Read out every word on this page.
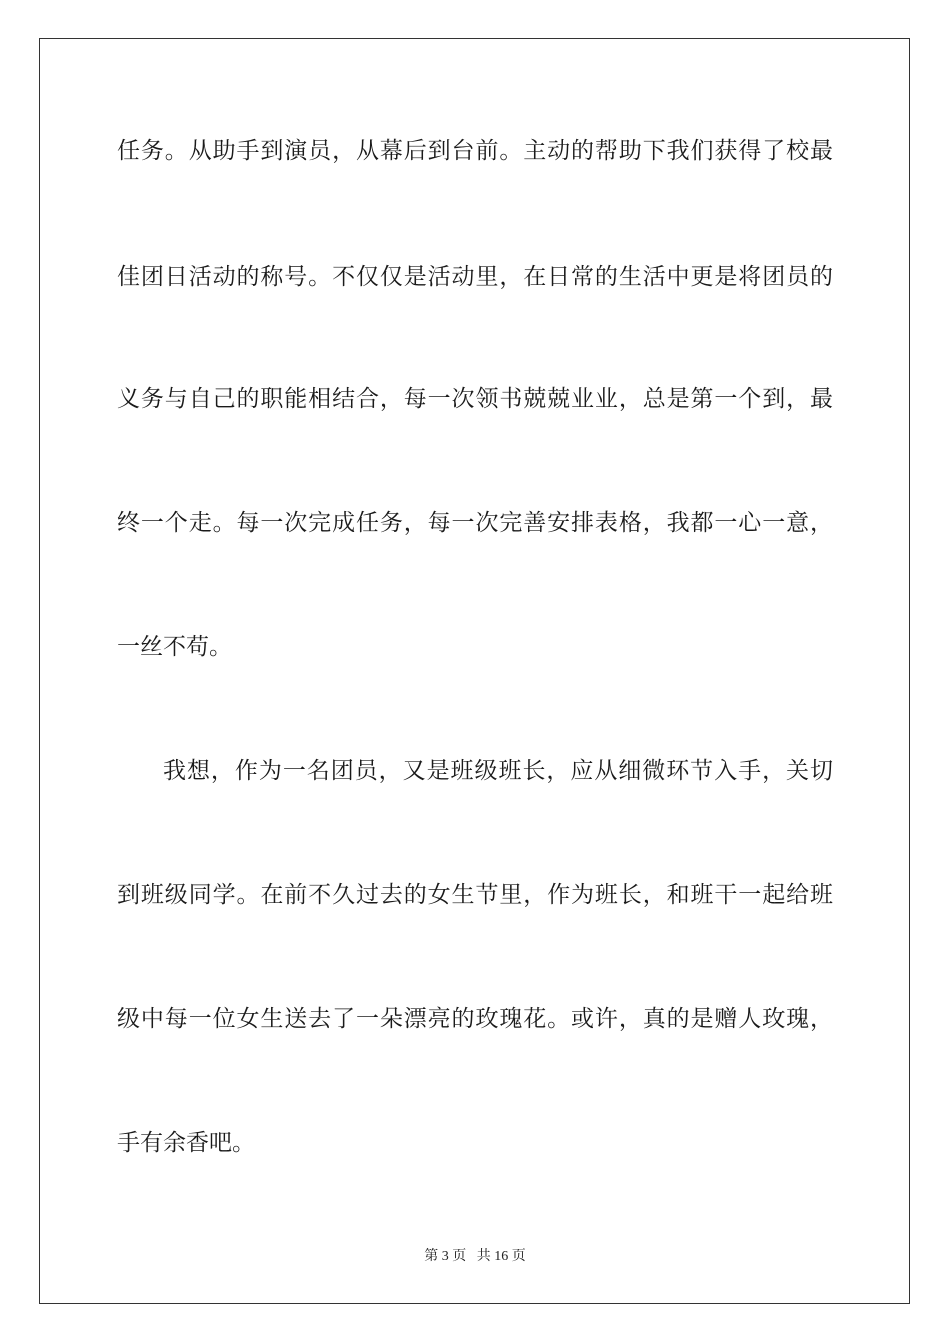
任务。从助手到演员，从幕后到台前。主动的帮助下我们获得了校最
佳团日活动的称号。不仅仅是活动里，在日常的生活中更是将团员的
义务与自己的职能相结合，每一次领书兢兢业业，总是第一个到，最
终一个走。每一次完成任务，每一次完善安排表格，我都一心一意，
一丝不苟。
我想，作为一名团员，又是班级班长，应从细微环节入手，关切
到班级同学。在前不久过去的女生节里，作为班长，和班干一起给班
级中每一位女生送去了一朵漂亮的玫瑰花。或许，真的是赠人玫瑰，
手有余香吧。
第 3 页 共 16 页
